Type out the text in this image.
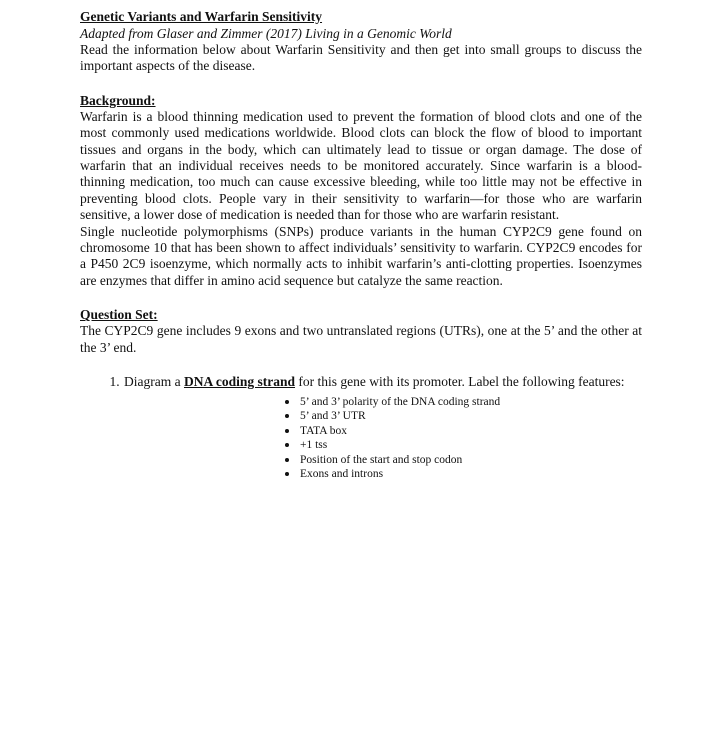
Genetic Variants and Warfarin Sensitivity
Adapted from Glaser and Zimmer (2017) Living in a Genomic World

Read the information below about Warfarin Sensitivity and then get into small groups to discuss the important aspects of the disease.

Background:

Warfarin is a blood thinning medication used to prevent the formation of blood clots and one of the most commonly used medications worldwide. Blood clots can block the flow of blood to important tissues and organs in the body, which can ultimately lead to tissue or organ damage. The dose of warfarin that an individual receives needs to be monitored accurately. Since warfarin is a blood-thinning medication, too much can cause excessive bleeding, while too little may not be effective in preventing blood clots. People vary in their sensitivity to warfarin—for those who are warfarin sensitive, a lower dose of medication is needed than for those who are warfarin resistant.

Single nucleotide polymorphisms (SNPs) produce variants in the human CYP2C9 gene found on chromosome 10 that has been shown to affect individuals’ sensitivity to warfarin. CYP2C9 encodes for a P450 2C9 isoenzyme, which normally acts to inhibit warfarin’s anti-clotting properties. Isoenzymes are enzymes that differ in amino acid sequence but catalyze the same reaction.

Question Set:

The CYP2C9 gene includes 9 exons and two untranslated regions (UTRs), one at the 5’ and the other at the 3’ end.

1. Diagram a DNA coding strand for this gene with its promoter. Label the following features:
5’ and 3’ polarity of the DNA coding strand
5’ and 3’ UTR
TATA box
+1 tss
Position of the start and stop codon
Exons and introns
